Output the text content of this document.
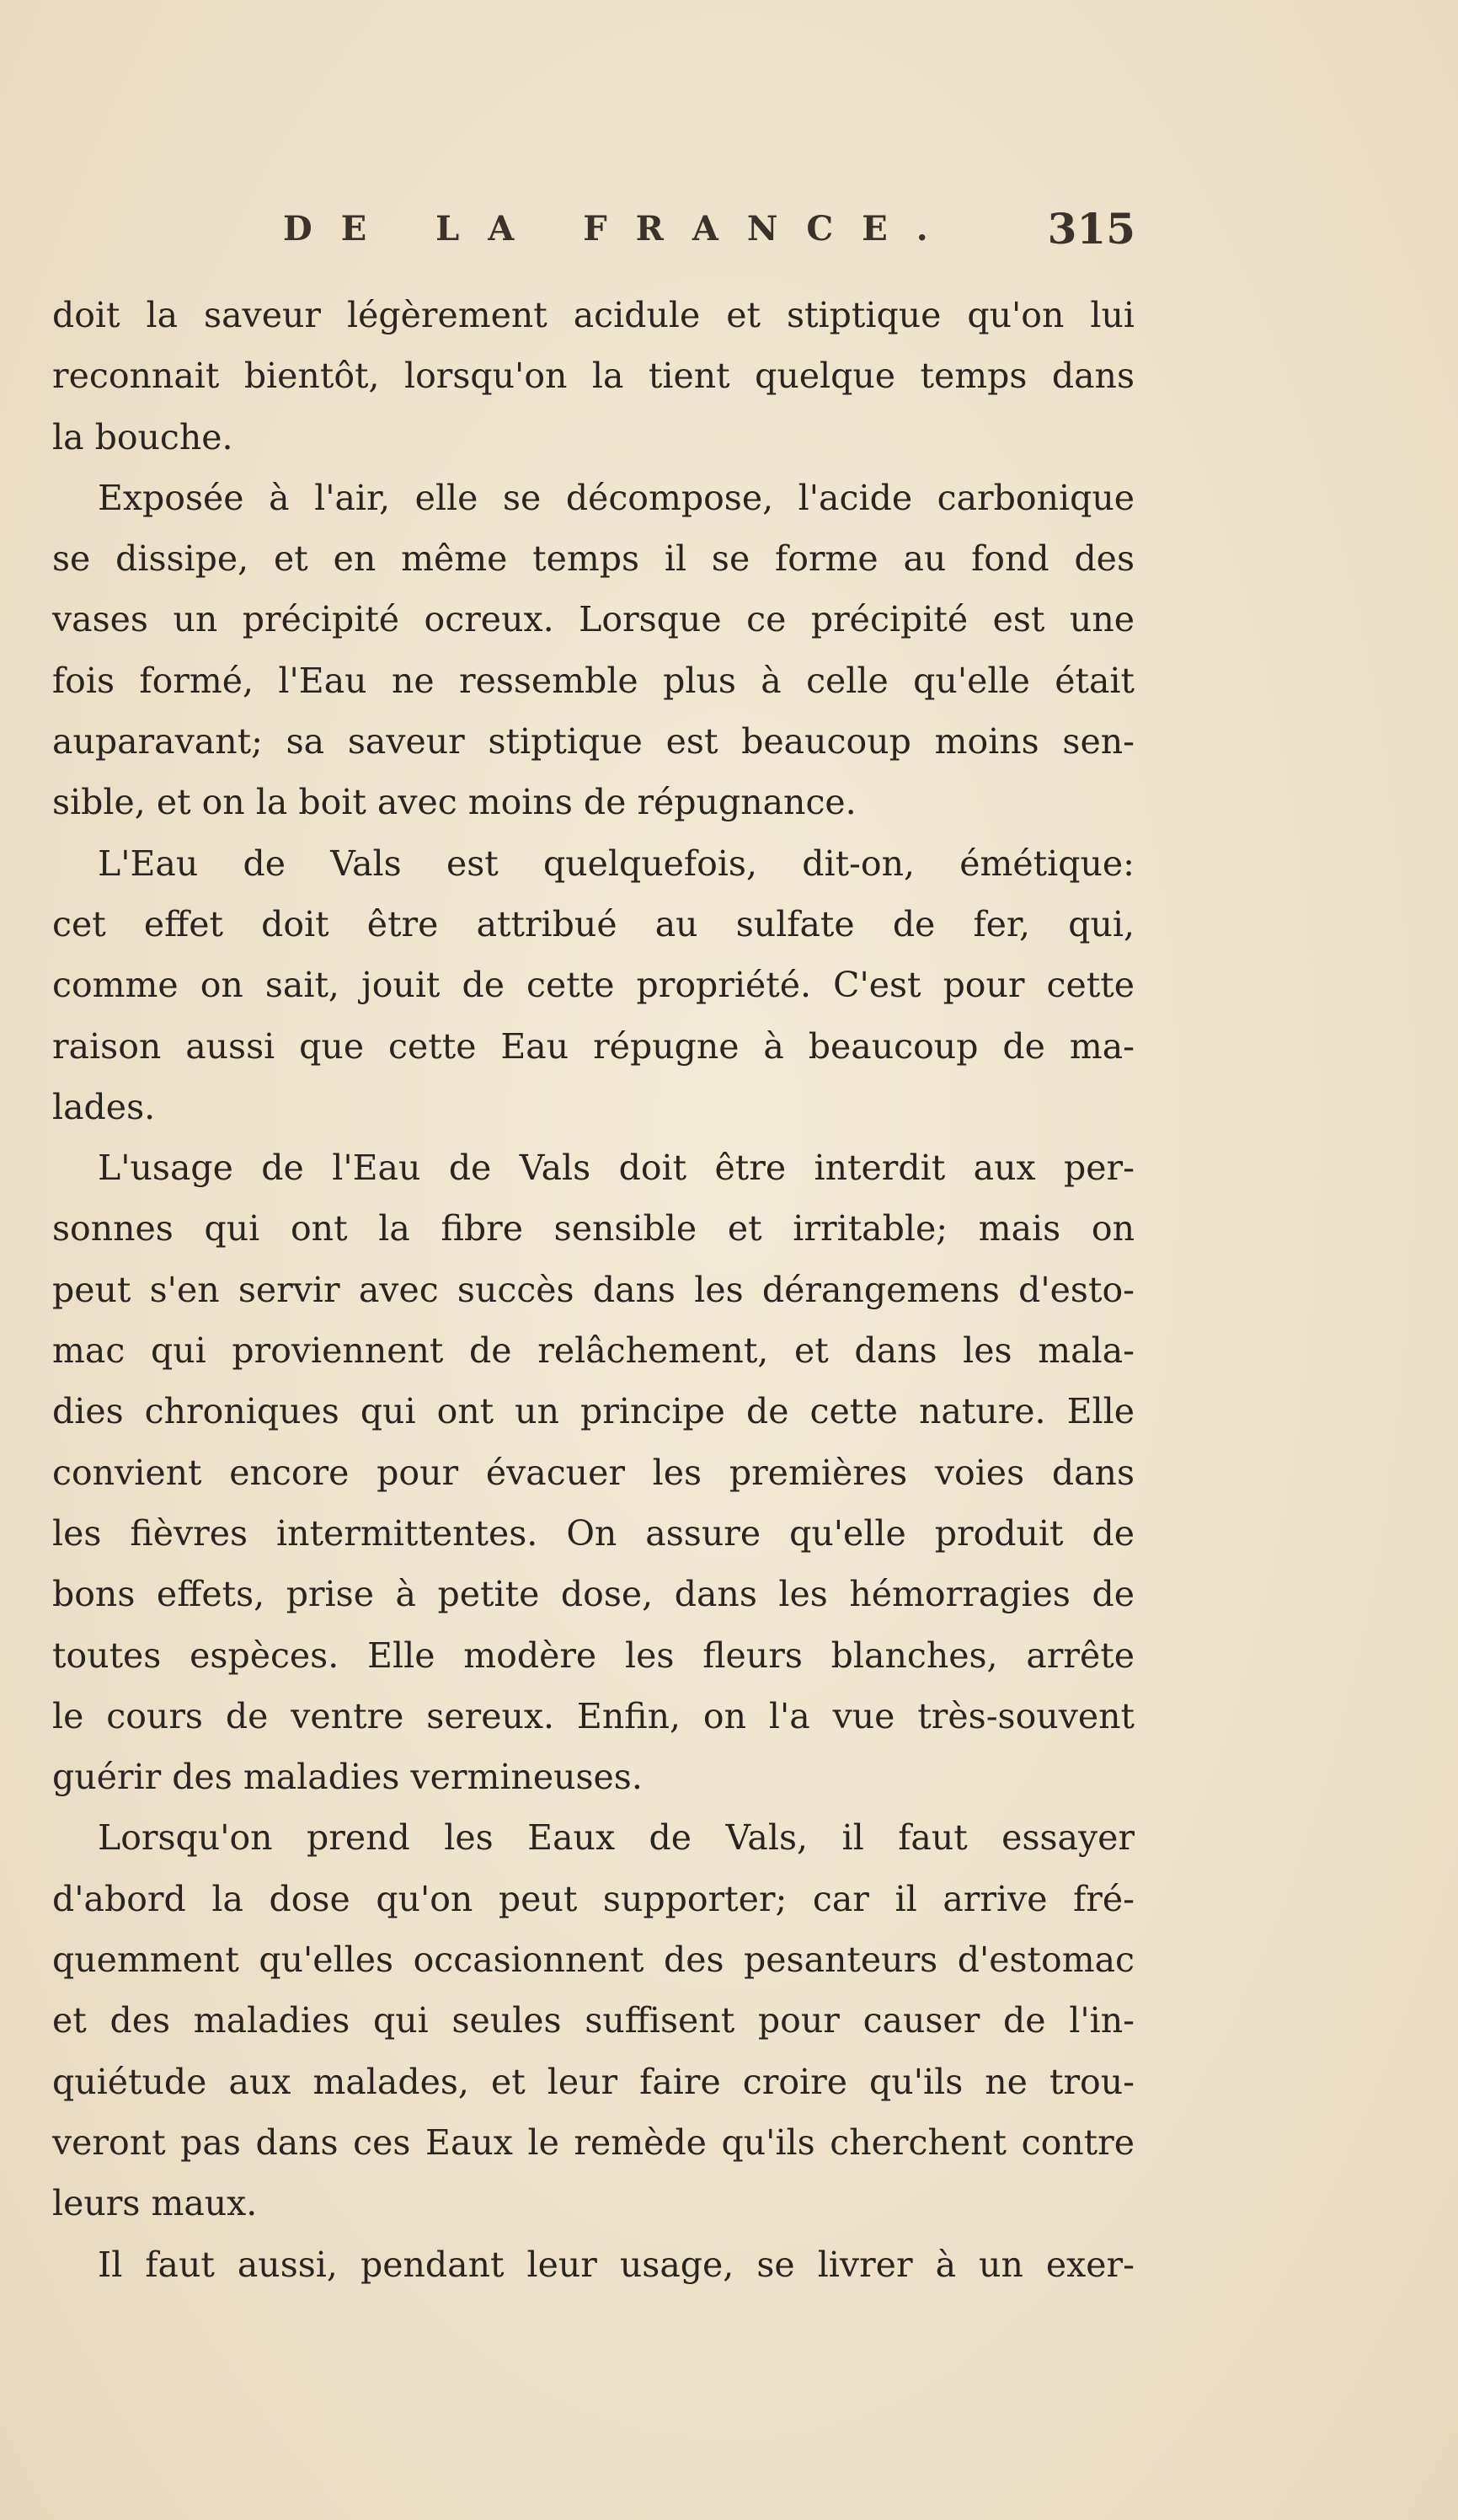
DE LA FRANCE. 315
doit la saveur légèrement acidule et stiptique qu'on lui
reconnait bientôt, lorsqu'on la tient quelque temps dans
la bouche.
Exposée à l'air, elle se décompose, l'acide carbonique
se dissipe, et en même temps il se forme au fond des
vases un précipité ocreux. Lorsque ce précipité est une
fois formé, l'Eau ne ressemble plus à celle qu'elle était
auparavant; sa saveur stiptique est beaucoup moins sen-
sible, et on la boit avec moins de répugnance.
L'Eau de Vals est quelquefois, dit-on, émétique:
cet effet doit être attribué au sulfate de fer, qui,
comme on sait, jouit de cette propriété. C'est pour cette
raison aussi que cette Eau répugne à beaucoup de ma-
lades.
L'usage de l'Eau de Vals doit être interdit aux per-
sonnes qui ont la fibre sensible et irritable; mais on
peut s'en servir avec succès dans les dérangemens d'esto-
mac qui proviennent de relâchement, et dans les mala-
dies chroniques qui ont un principe de cette nature. Elle
convient encore pour évacuer les premières voies dans
les fièvres intermittentes. On assure qu'elle produit de
bons effets, prise à petite dose, dans les hémorragies de
toutes espèces. Elle modère les fleurs blanches, arrête
le cours de ventre sereux. Enfin, on l'a vue très-souvent
guérir des maladies vermineuses.
Lorsqu'on prend les Eaux de Vals, il faut essayer
d'abord la dose qu'on peut supporter; car il arrive fré-
quemment qu'elles occasionnent des pesanteurs d'estomac
et des maladies qui seules suffisent pour causer de l'in-
quiétude aux malades, et leur faire croire qu'ils ne trou-
veront pas dans ces Eaux le remède qu'ils cherchent contre
leurs maux.
Il faut aussi, pendant leur usage, se livrer à un exer-
